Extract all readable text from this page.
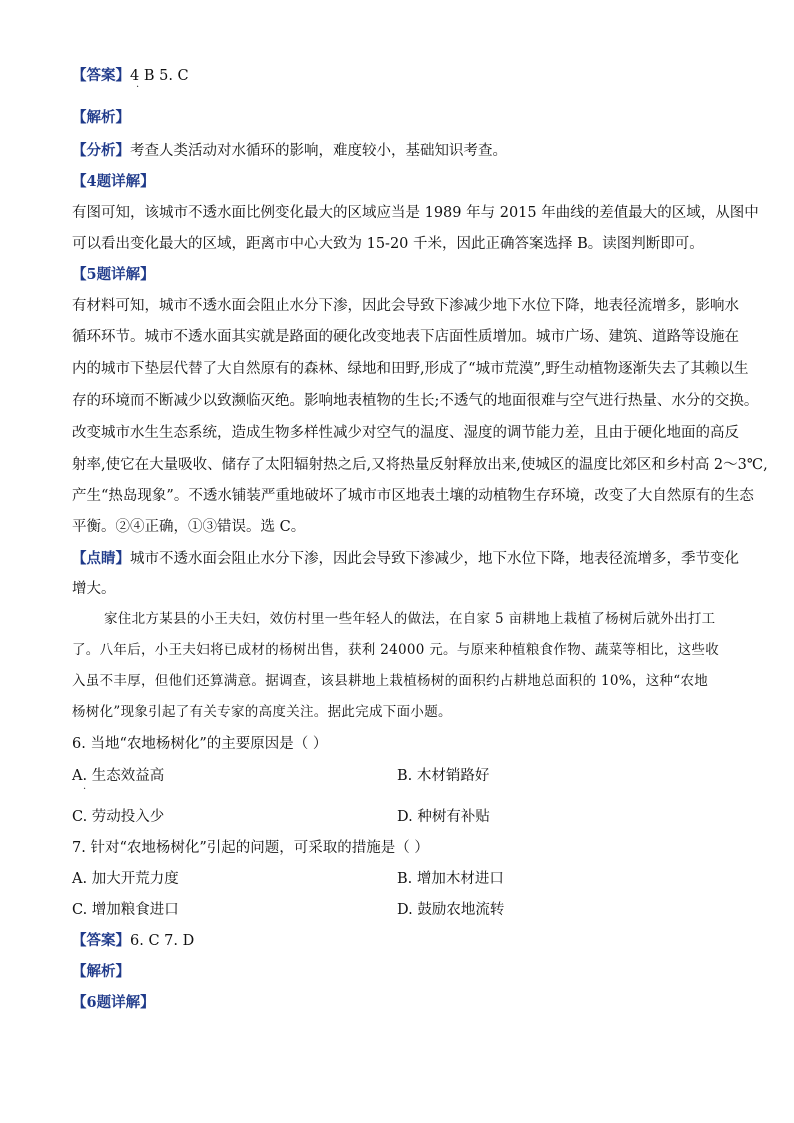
【答案】4 B 5. C
·
【解析】
【分析】考查人类活动对水循环的影响，难度较小，基础知识考查。
【4题详解】
有图可知，该城市不透水面比例变化最大的区域应当是 1989 年与 2015 年曲线的差值最大的区域，从图中
可以看出变化最大的区域，距离市中心大致为 15-20 千米，因此正确答案选择 B。读图判断即可。
【5题详解】
有材料可知，城市不透水面会阻止水分下渗，因此会导致下渗减少地下水位下降，地表径流增多，影响水
循环环节。城市不透水面其实就是路面的硬化改变地表下店面性质增加。城市广场、建筑、道路等设施在
内的城市下垫层代替了大自然原有的森林、绿地和田野,形成了“城市荒漠”,野生动植物逐渐失去了其赖以生
存的环境而不断减少以致濒临灭绝。影响地表植物的生长;不透气的地面很难与空气进行热量、水分的交换。
改变城市水生生态系统，造成生物多样性减少对空气的温度、湿度的调节能力差，且由于硬化地面的高反
射率,使它在大量吸收、储存了太阳辐射热之后,又将热量反射释放出来,使城区的温度比郊区和乡村高 2～3℃,
产生“热岛现象”。不透水铺装严重地破坏了城市市区地表土壤的动植物生存环境，改变了大自然原有的生态
平衡。②④正确，①③错误。选 C。
【点睛】城市不透水面会阻止水分下渗，因此会导致下渗减少，地下水位下降，地表径流增多，季节变化
增大。
家住北方某县的小王夫妇，效仿村里一些年轻人的做法，在自家 5 亩耕地上栽植了杨树后就外出打工
了。八年后，小王夫妇将已成材的杨树出售，获利 24000 元。与原来种植粮食作物、蔬菜等相比，这些收
入虽不丰厚，但他们还算满意。据调查，该县耕地上栽植杨树的面积约占耕地总面积的 10%，这种“农地
杨树化”现象引起了有关专家的高度关注。据此完成下面小题。
6. 当地“农地杨树化”的主要原因是（ ）
A. 生态效益高	B. 木材销路好
·
C. 劳动投入少	D. 种树有补贴
7. 针对“农地杨树化”引起的问题，可采取的措施是（ ）
A. 加大开荒力度	B. 增加木材进口
C. 增加粮食进口	D. 鼓励农地流转
【答案】6. C 7. D
【解析】
【6题详解】
